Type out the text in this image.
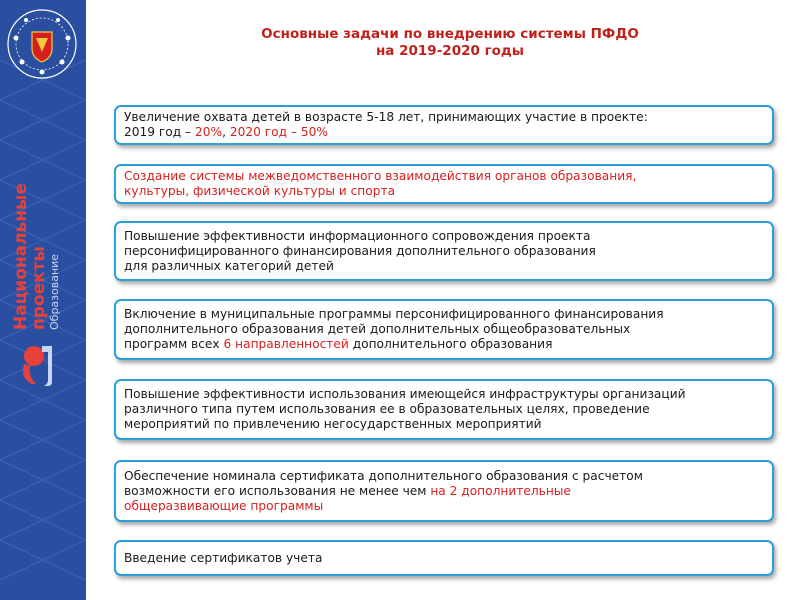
Национальные
проекты Образование
Основные задачи по внедрению системы ПФДО
на 2019-2020 годы
Увеличение охвата детей в возрасте 5-18 лет, принимающих участие в проекте:
2019 год – 20%, 2020 год – 50%
Создание системы межведомственного взаимодействия органов образования,
культуры, физической культуры и спорта
Повышение эффективности информационного сопровождения проекта
персонифицированного финансирования дополнительного образования
для различных категорий детей
Включение в муниципальные программы персонифицированного финансирования
дополнительного образования детей дополнительных общеобразовательных
программ всех 6 направленностей дополнительного образования
Повышение эффективности использования имеющейся инфраструктуры организаций
различного типа путем использования ее в образовательных целях, проведение
мероприятий по привлечению негосударственных мероприятий
Обеспечение номинала сертификата дополнительного образования с расчетом
возможности его использования не менее чем на 2 дополнительные
общеразвивающие программы
Введение сертификатов учета
